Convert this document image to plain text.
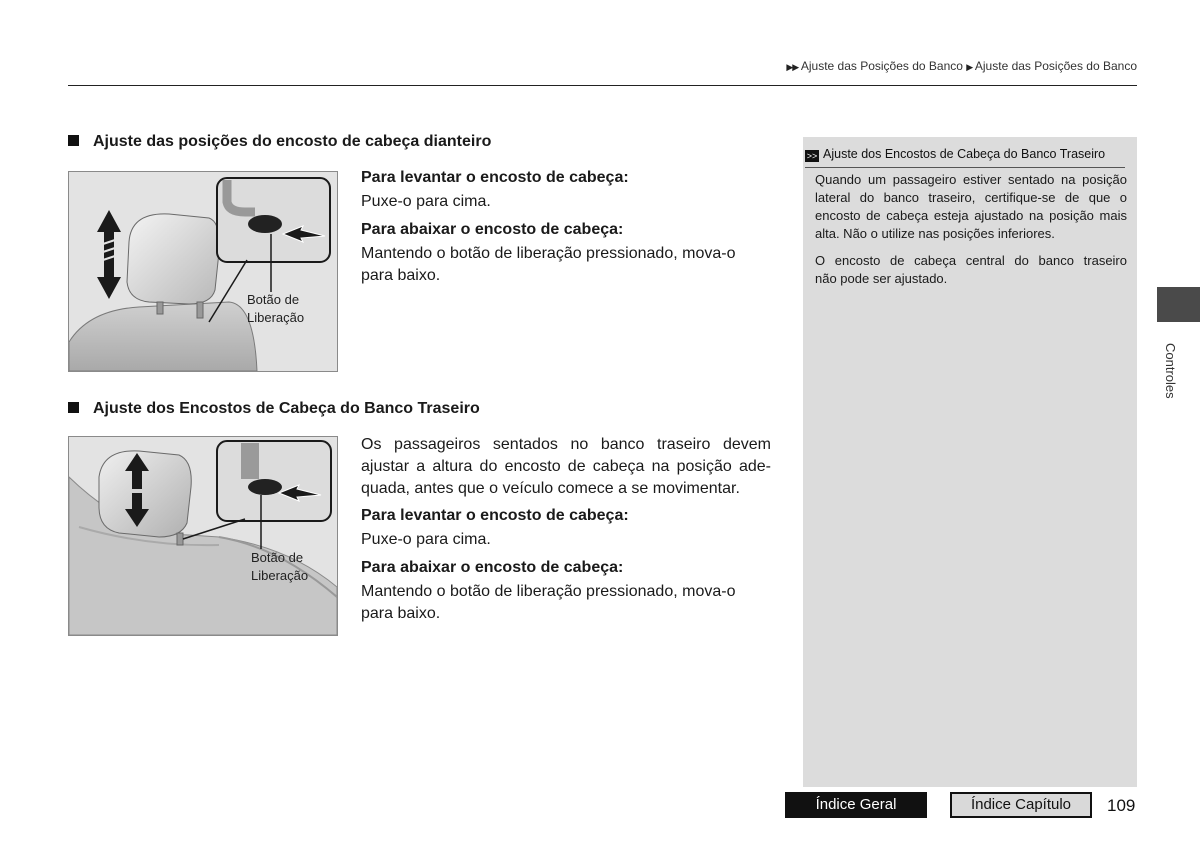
▶▶ Ajuste das Posições do Banco ▶ Ajuste das Posições do Banco
Ajuste das posições do encosto de cabeça dianteiro
Botão de
Liberação
Para levantar o encosto de cabeça:
Puxe-o para cima.
Para abaixar o encosto de cabeça:
Mantendo o botão de liberação pressionado, mova-o
para baixo.
Ajuste dos Encostos de Cabeça do Banco Traseiro
Botão de
Liberação
Os passageiros sentados no banco traseiro devem
ajustar a altura do encosto de cabeça na posição ade-
quada, antes que o veículo comece a se movimentar.
Para levantar o encosto de cabeça:
Puxe-o para cima.
Para abaixar o encosto de cabeça:
Mantendo o botão de liberação pressionado, mova-o
para baixo.
>> Ajuste dos Encostos de Cabeça do Banco Traseiro
Quando um passageiro estiver sentado na posição
lateral do banco traseiro, certifique-se de que o
encosto de cabeça esteja ajustado na posição mais
alta. Não o utilize nas posições inferiores.
O encosto de cabeça central do banco traseiro
não pode ser ajustado.
Controles
Índice Geral	Índice Capítulo	109
